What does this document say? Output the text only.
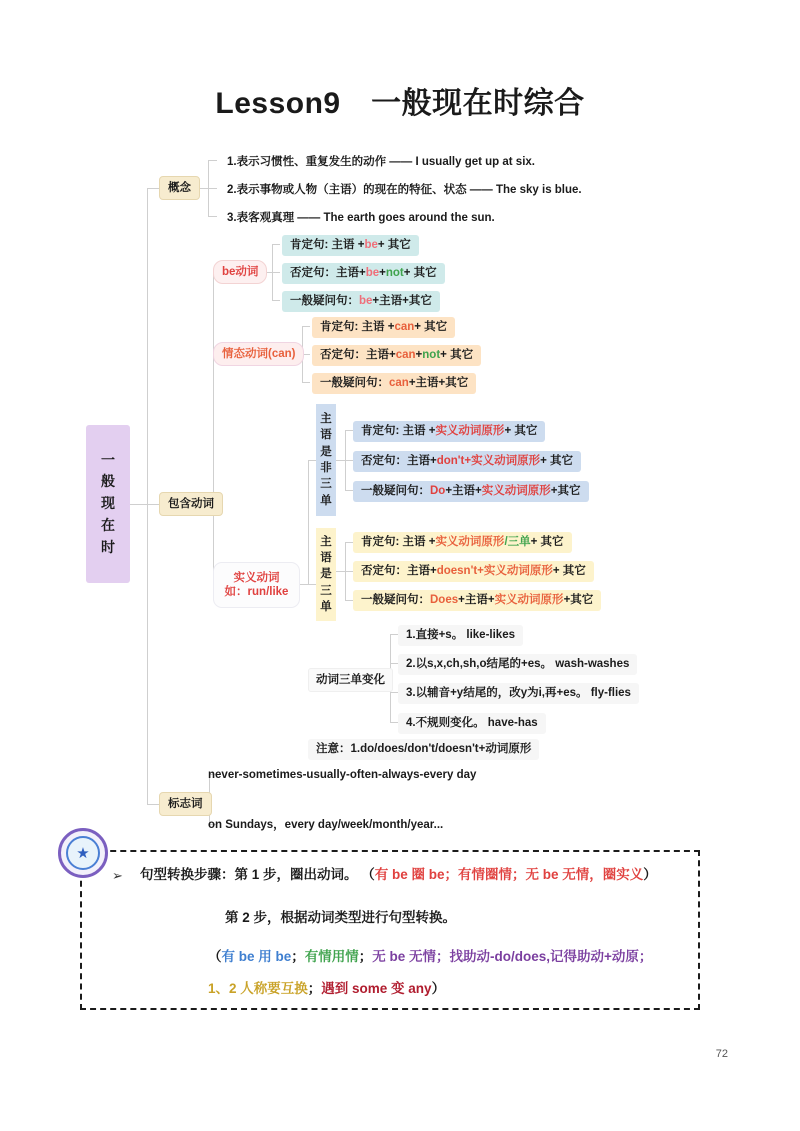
Lesson9　一般现在时综合
一
般
现
在
时
概念
1.表示习惯性、重复发生的动作 —— I usually get up at six.
2.表示事物或人物（主语）的现在的特征、状态 —— The sky is blue.
3.表客观真理 —— The earth goes around the sun.
包含动词
be动词
肯定句: 主语 + be + 其它
否定句：主语+ be + not + 其它
一般疑问句： be +主语+其它
情态动词(can)
肯定句: 主语 + can + 其它
否定句：主语+ can + not + 其它
一般疑问句： can +主语+其它
实义动词
如：run/like
主
语
是
非
三
单
肯定句: 主语 + 实义动词原形 + 其它
否定句：主语+ don't+ 实义动词原形 + 其它
一般疑问句： Do +主语+ 实义动词原形 +其它
主
语
是
三
单
肯定句: 主语 + 实义动词原形 /三单 + 其它
否定句：主语+ doesn't+ 实义动词原形 + 其它
一般疑问句： Does +主语+ 实义动词原形 +其它
动词三单变化
1.直接+s。 like-likes
2.以s,x,ch,sh,o结尾的+es。 wash-washes
3.以辅音+y结尾的，改y为i,再+es。 fly-flies
4.不规则变化。 have-has
注意：1.do/does/don't/doesn't+动词原形
标志词
never-sometimes-usually-often-always-every day
on Sundays，every day/week/month/year...
★
➢ 句型转换步骤：第 1 步，圈出动词。 （有 be 圈 be；有情圈情；无 be 无情，圈实义）
第 2 步，根据动词类型进行句型转换。
（有 be 用 be；有情用情；无 be 无情；找助动-do/does,记得助动+动原；
1、2 人称要互换；遇到 some 变 any）
72
